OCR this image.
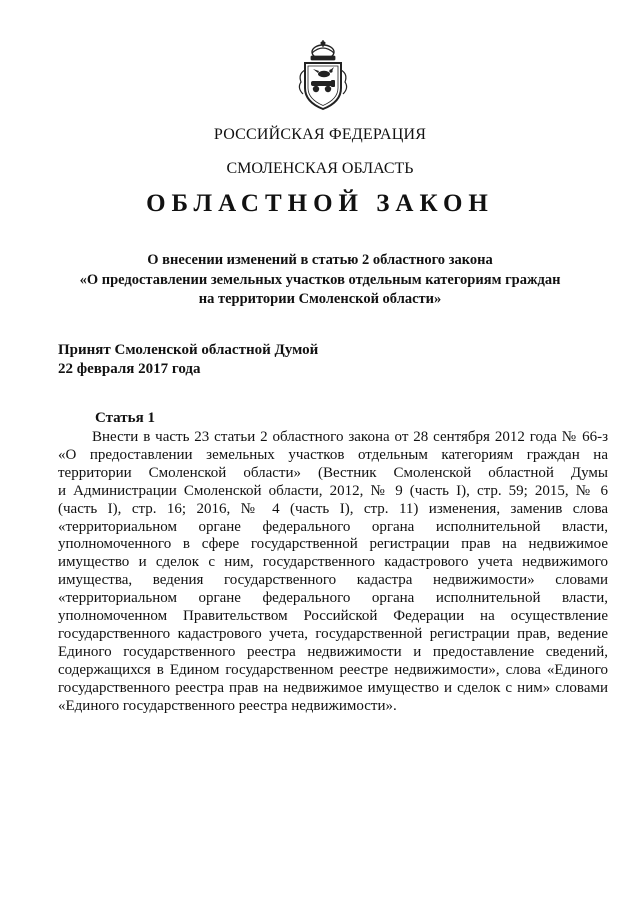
РОССИЙСКАЯ ФЕДЕРАЦИЯ
СМОЛЕНСКАЯ ОБЛАСТЬ
ОБЛАСТНОЙ ЗАКОН
О внесении изменений в статью 2 областного закона
«О предоставлении земельных участков отдельным категориям граждан
на территории Смоленской области»
Принят Смоленской областной Думой
22 февраля 2017 года
Статья 1
Внести в часть 23 статьи 2 областного закона от 28 сентября 2012 года № 66-з
«О предоставлении земельных участков отдельным категориям граждан на
территории Смоленской области» (Вестник Смоленской областной Думы
и Администрации Смоленской области, 2012, № 9 (часть I), стр. 59; 2015, № 6
(часть I), стр. 16; 2016, № 4 (часть I), стр. 11) изменения, заменив слова
«территориальном органе федерального органа исполнительной власти,
уполномоченного в сфере государственной регистрации прав на недвижимое
имущество и сделок с ним, государственного кадастрового учета недвижимого
имущества, ведения государственного кадастра недвижимости» словами
«территориальном органе федерального органа исполнительной власти,
уполномоченном Правительством Российской Федерации на осуществление
государственного кадастрового учета, государственной регистрации прав, ведение
Единого государственного реестра недвижимости и предоставление сведений,
содержащихся в Едином государственном реестре недвижимости», слова «Единого
государственного реестра прав на недвижимое имущество и сделок с ним» словами
«Единого государственного реестра недвижимости».
